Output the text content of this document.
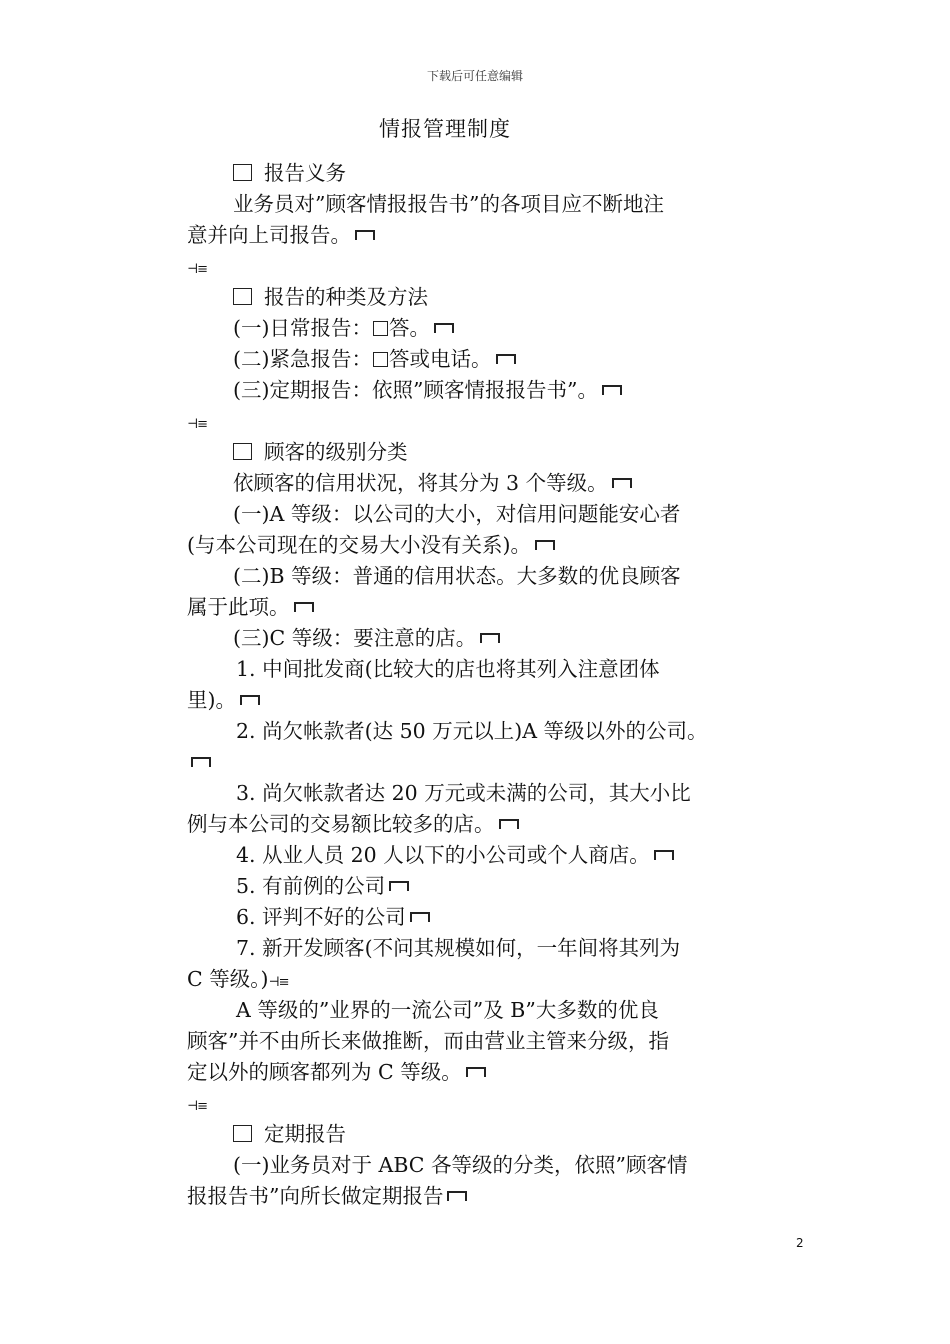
下载后可任意编辑
情报管理制度
报告义务
业务员对”顾客情报报告书”的各项目应不断地注
意并向上司报告。
⊣≡
报告的种类及方法
(一)日常报告： 答。
(二)紧急报告： 答或电话。
(三)定期报告：依照”顾客情报报告书”。
⊣≡
顾客的级别分类
依顾客的信用状况，将其分为 3 个等级。
(一)A 等级：以公司的大小，对信用问题能安心者
(与本公司现在的交易大小没有关系)。
(二)B 等级：普通的信用状态。大多数的优良顾客
属于此项。
(三)C 等级：要注意的店。
1. 中间批发商(比较大的店也将其列入注意团体
里)。
2. 尚欠帐款者(达 50 万元以上)A 等级以外的公司。
3. 尚欠帐款者达 20 万元或未满的公司，其大小比
例与本公司的交易额比较多的店。
4. 从业人员 20 人以下的小公司或个人商店。
5. 有前例的公司
6. 评判不好的公司
7. 新开发顾客(不问其规模如何，一年间将其列为
C 等级。)⊣≡
A 等级的”业界的一流公司”及 B”大多数的优良
顾客”并不由所长来做推断，而由营业主管来分级，指
定以外的顾客都列为 C 等级。
⊣≡
定期报告
(一)业务员对于 ABC 各等级的分类，依照”顾客情
报报告书”向所长做定期报告
2
